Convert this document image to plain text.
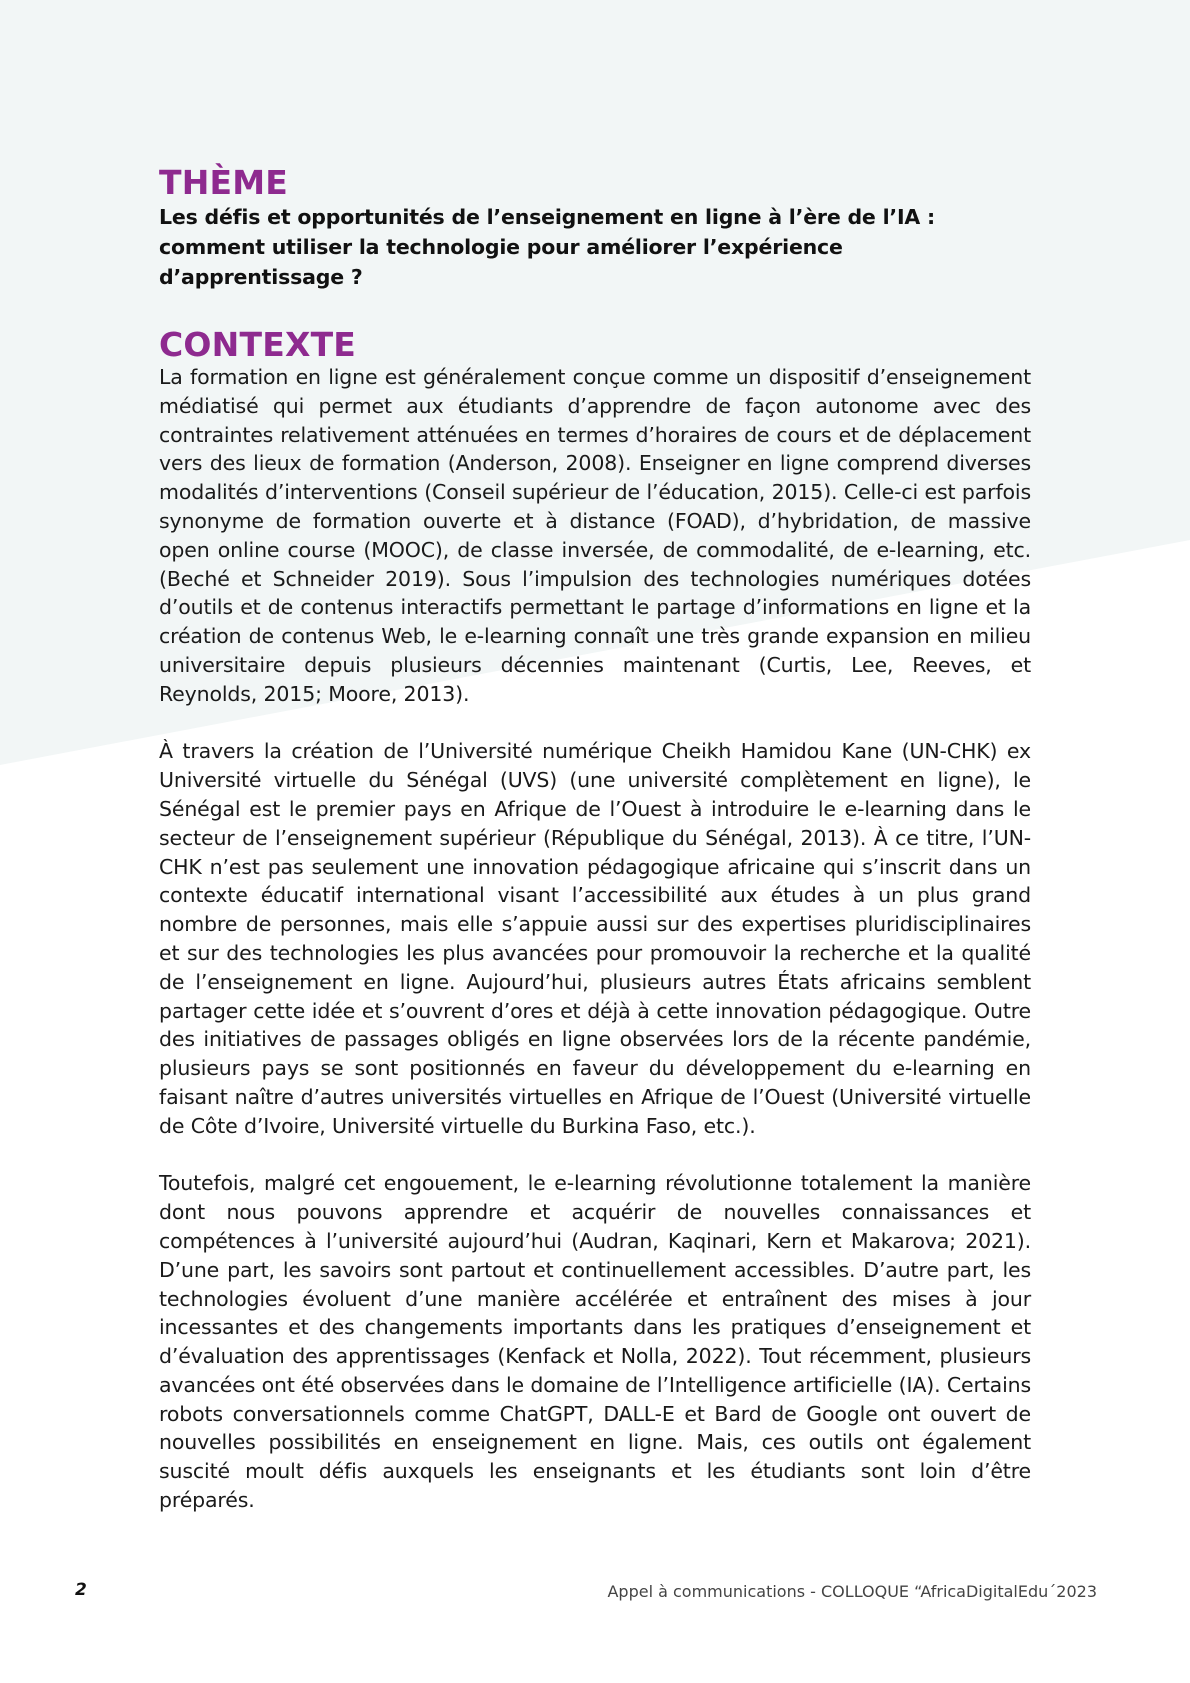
THÈME

Les défis et opportunités de l’enseignement en ligne à l’ère de l’IA : comment utiliser la technologie pour améliorer l’expérience d’apprentissage ?

CONTEXTE

La formation en ligne est généralement conçue comme un dispositif d’enseignement médiatisé qui permet aux étudiants d’apprendre de façon autonome avec des contraintes relativement atténuées en termes d’horaires de cours et de déplacement vers des lieux de formation (Anderson, 2008). Enseigner en ligne comprend diverses modalités d’interventions (Conseil supérieur de l’éducation, 2015). Celle-ci est parfois synonyme de formation ouverte et à distance (FOAD), d’hybridation, de massive open online course (MOOC), de classe inversée, de commodalité, de e-learning, etc. (Beché et Schneider 2019). Sous l’impulsion des technologies numériques dotées d’outils et de contenus interactifs permettant le partage d’informations en ligne et la création de contenus Web, le e-learning connaît une très grande expansion en milieu universitaire depuis plusieurs décennies maintenant (Curtis, Lee, Reeves, et Reynolds, 2015; Moore, 2013).

À travers la création de l’Université numérique Cheikh Hamidou Kane (UN-CHK) ex Université virtuelle du Sénégal (UVS) (une université complètement en ligne), le Sénégal est le premier pays en Afrique de l’Ouest à introduire le e-learning dans le secteur de l’enseignement supérieur (République du Sénégal, 2013). À ce titre, l’UN-CHK n’est pas seulement une innovation pédagogique africaine qui s’inscrit dans un contexte éducatif international visant l’accessibilité aux études à un plus grand nombre de personnes, mais elle s’appuie aussi sur des expertises pluridisciplinaires et sur des technologies les plus avancées pour promouvoir la recherche et la qualité de l’enseignement en ligne. Aujourd’hui, plusieurs autres États africains semblent partager cette idée et s’ouvrent d’ores et déjà à cette innovation pédagogique. Outre des initiatives de passages obligés en ligne observées lors de la récente pandémie, plusieurs pays se sont positionnés en faveur du développement du e-learning en faisant naître d’autres universités virtuelles en Afrique de l’Ouest (Université virtuelle de Côte d’Ivoire, Université virtuelle du Burkina Faso, etc.).

Toutefois, malgré cet engouement, le e-learning révolutionne totalement la manière dont nous pouvons apprendre et acquérir de nouvelles connaissances et compétences à l’université aujourd’hui (Audran, Kaqinari, Kern et Makarova; 2021). D’une part, les savoirs sont partout et continuellement accessibles. D’autre part, les technologies évoluent d’une manière accélérée et entraînent des mises à jour incessantes et des changements importants dans les pratiques d’enseignement et d’évaluation des apprentissages (Kenfack et Nolla, 2022). Tout récemment, plusieurs avancées ont été observées dans le domaine de l’Intelligence artificielle (IA). Certains robots conversationnels comme ChatGPT, DALL-E et Bard de Google ont ouvert de nouvelles possibilités en enseignement en ligne. Mais, ces outils ont également suscité moult défis auxquels les enseignants et les étudiants sont loin d’être préparés.

2	Appel à communications - COLLOQUE “AfricaDigitalEdu´2023
